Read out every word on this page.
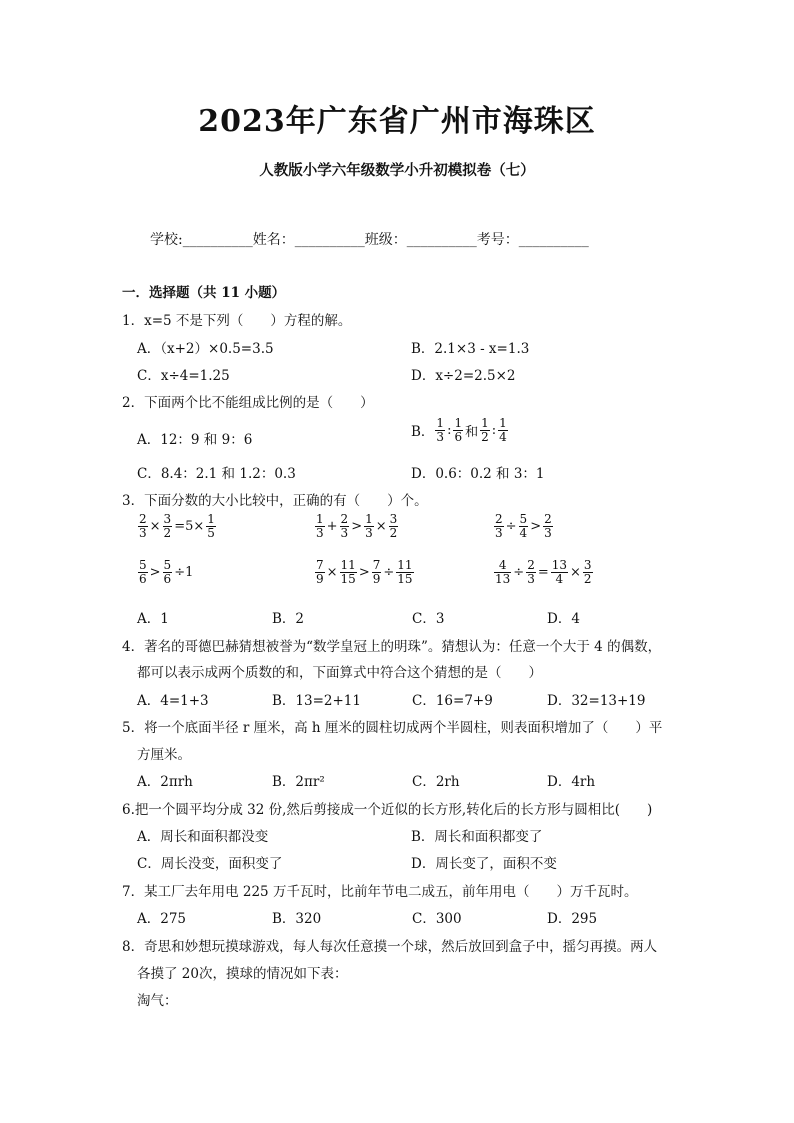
2023年广东省广州市海珠区
人教版小学六年级数学小升初模拟卷（七）
学校:__________姓名：__________班级：__________考号：__________
一．选择题（共 11 小题）
1．x=5 不是下列（　　）方程的解。
A．（x+2）×0.5=3.5	B．2.1×3 - x=1.3
C．x÷4=1.25	D．x÷2=2.5×2
2．下面两个比不能组成比例的是（　　）
A．12：9 和 9：6	B． $\frac{1}{3}$ : $\frac{1}{6}$ 和 $\frac{1}{2}$ : $\frac{1}{4}$
C．8.4：2.1 和 1.2：0.3	D．0.6：0.2 和 3：1
3．下面分数的大小比较中，正确的有（　　）个。
$\frac{2}{3} \times \frac{3}{2} =5\times \frac{1}{5}$	$\frac{1}{3} + \frac{2}{3} > \frac{1}{3} \times \frac{3}{2}$	$\frac{2}{3} \div \frac{5}{4} > \frac{2}{3}$
$\frac{5}{6} > \frac{5}{6} \div 1$	$\frac{7}{9} \times \frac{11}{15} > \frac{7}{9} \div \frac{11}{15}$	$\frac{4}{13} \div \frac{2}{3} = \frac{13}{4} \times \frac{3}{2}$
A．1	B．2	C．3	D．4
4．著名的哥德巴赫猜想被誉为“数学皇冠上的明珠”。猜想认为：任意一个大于 4 的偶数，
都可以表示成两个质数的和，下面算式中符合这个猜想的是（　　）
A．4=1+3	B．13=2+11	C．16=7+9	D．32=13+19
5．将一个底面半径 r 厘米，高 h 厘米的圆柱切成两个半圆柱，则表面积增加了（　　）平
方厘米。
A．2πrh	B．2πr²	C．2rh	D．4rh
6.把一个圆平均分成 32 份,然后剪接成一个近似的长方形,转化后的长方形与圆相比(　　)
A．周长和面积都没变	B．周长和面积都变了
C．周长没变，面积变了	D．周长变了，面积不变
7．某工厂去年用电 225 万千瓦时，比前年节电二成五，前年用电（　　）万千瓦时。
A．275	B．320	C．300	D．295
8．奇思和妙想玩摸球游戏，每人每次任意摸一个球，然后放回到盒子中，摇匀再摸。两人
各摸了 20次，摸球的情况如下表：
淘气：
